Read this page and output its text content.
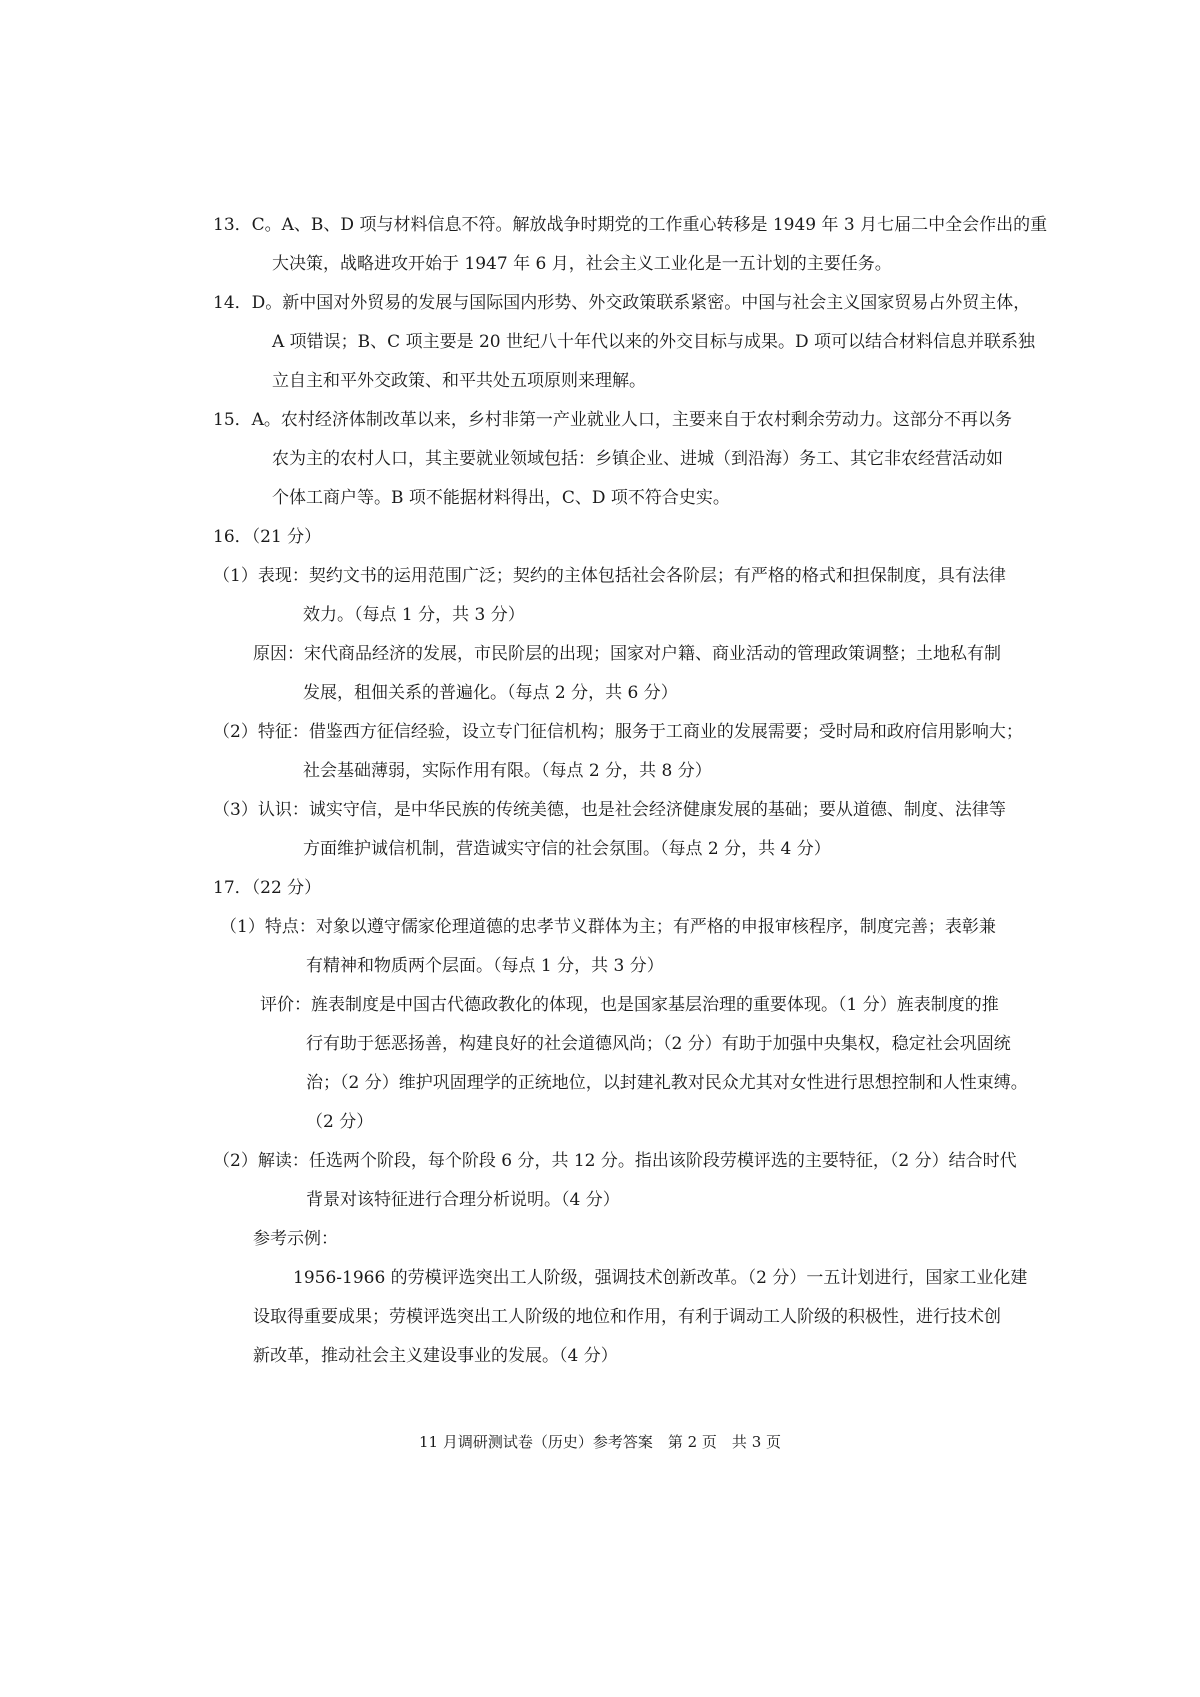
13．C。A、B、D 项与材料信息不符。解放战争时期党的工作重心转移是 1949 年 3 月七届二中全会作出的重
大决策，战略进攻开始于 1947 年 6 月，社会主义工业化是一五计划的主要任务。
14．D。新中国对外贸易的发展与国际国内形势、外交政策联系紧密。中国与社会主义国家贸易占外贸主体，
A 项错误；B、C 项主要是 20 世纪八十年代以来的外交目标与成果。D 项可以结合材料信息并联系独
立自主和平外交政策、和平共处五项原则来理解。
15．A。农村经济体制改革以来，乡村非第一产业就业人口，主要来自于农村剩余劳动力。这部分不再以务
农为主的农村人口，其主要就业领域包括：乡镇企业、进城（到沿海）务工、其它非农经营活动如
个体工商户等。B 项不能据材料得出，C、D 项不符合史实。
16．（21 分）
（1）表现：契约文书的运用范围广泛；契约的主体包括社会各阶层；有严格的格式和担保制度，具有法律
效力。（每点 1 分，共 3 分）
原因：宋代商品经济的发展，市民阶层的出现；国家对户籍、商业活动的管理政策调整；土地私有制
发展，租佃关系的普遍化。（每点 2 分，共 6 分）
（2）特征：借鉴西方征信经验，设立专门征信机构；服务于工商业的发展需要；受时局和政府信用影响大；
社会基础薄弱，实际作用有限。（每点 2 分，共 8 分）
（3）认识：诚实守信，是中华民族的传统美德，也是社会经济健康发展的基础；要从道德、制度、法律等
方面维护诚信机制，营造诚实守信的社会氛围。（每点 2 分，共 4 分）
17．（22 分）
（1）特点：对象以遵守儒家伦理道德的忠孝节义群体为主；有严格的申报审核程序，制度完善；表彰兼
有精神和物质两个层面。（每点 1 分，共 3 分）
评价：旌表制度是中国古代德政教化的体现，也是国家基层治理的重要体现。（1 分）旌表制度的推
行有助于惩恶扬善，构建良好的社会道德风尚；（2 分）有助于加强中央集权，稳定社会巩固统
治；（2 分）维护巩固理学的正统地位，以封建礼教对民众尤其对女性进行思想控制和人性束缚。
（2 分）
（2）解读：任选两个阶段，每个阶段 6 分，共 12 分。指出该阶段劳模评选的主要特征，（2 分）结合时代
背景对该特征进行合理分析说明。（4 分）
参考示例：
1956-1966 的劳模评选突出工人阶级，强调技术创新改革。（2 分）一五计划进行，国家工业化建
设取得重要成果；劳模评选突出工人阶级的地位和作用，有利于调动工人阶级的积极性，进行技术创
新改革，推动社会主义建设事业的发展。（4 分）
11 月调研测试卷（历史）参考答案　第 2 页　共 3 页
